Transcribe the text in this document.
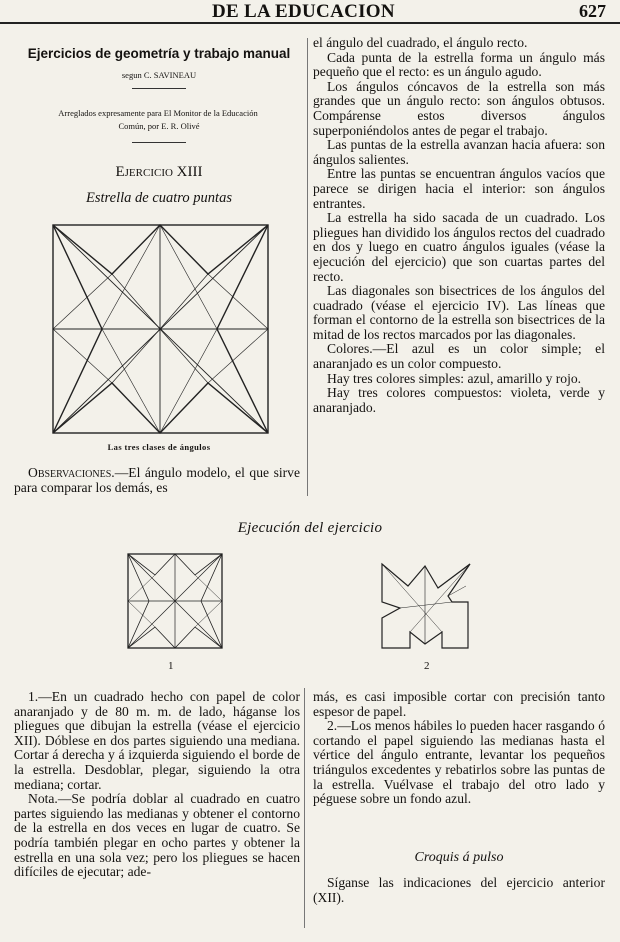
DE LA EDUCACION	627
Ejercicios de geometría y trabajo manual
segun C. SAVINEAU
Arreglados expresamente para El Monitor de la Educación
Común, por E. R. Olivé
Ejercicio XIII
Estrella de cuatro puntas
Las tres clases de ángulos

Observaciones.—El ángulo modelo, el que sirve para comparar los demás, es

el ángulo del cuadrado, el ángulo recto.

Cada punta de la estrella forma un ángulo más pequeño que el recto: es un ángulo agudo.

Los ángulos cóncavos de la estrella son más grandes que un ángulo recto: son ángulos obtusos. Compárense estos diversos ángulos superponiéndolos antes de pegar el trabajo.

Las puntas de la estrella avanzan hacia afuera: son ángulos salientes.

Entre las puntas se encuentran ángulos vacíos que parece se dirigen hacia el interior: son ángulos entrantes.

La estrella ha sido sacada de un cuadrado. Los pliegues han dividido los ángulos rectos del cuadrado en dos y luego en cuatro ángulos iguales (véase la ejecución del ejercicio) que son cuartas partes del recto.

Las diagonales son bisectrices de los ángulos del cuadrado (véase el ejercicio IV). Las líneas que forman el contorno de la estrella son bisectrices de la mitad de los rectos marcados por las diagonales.

Colores.—El azul es un color simple; el anaranjado es un color compuesto.

Hay tres colores simples: azul, amarillo y rojo.

Hay tres colores compuestos: violeta, verde y anaranjado.

Ejecución del ejercicio
1	2

1.—En un cuadrado hecho con papel de color anaranjado y de 80 m. m. de lado, háganse los pliegues que dibujan la estrella (véase el ejercicio XII). Dóblese en dos partes siguiendo una mediana. Cortar á derecha y á izquierda siguiendo el borde de la estrella. Desdoblar, plegar, siguiendo la otra mediana; cortar.

Nota.—Se podría doblar al cuadrado en cuatro partes siguiendo las medianas y obtener el contorno de la estrella en dos veces en lugar de cuatro. Se podría también plegar en ocho partes y obtener la estrella en una sola vez; pero los pliegues se hacen difíciles de ejecutar; ade-

más, es casi imposible cortar con precisión tanto espesor de papel.

2.—Los menos hábiles lo pueden hacer rasgando ó cortando el papel siguiendo las medianas hasta el vértice del ángulo entrante, levantar los pequeños triángulos excedentes y rebatirlos sobre las puntas de la estrella. Vuélvase el trabajo del otro lado y péguese sobre un fondo azul.

Croquis á pulso

Síganse las indicaciones del ejercicio anterior (XII).
